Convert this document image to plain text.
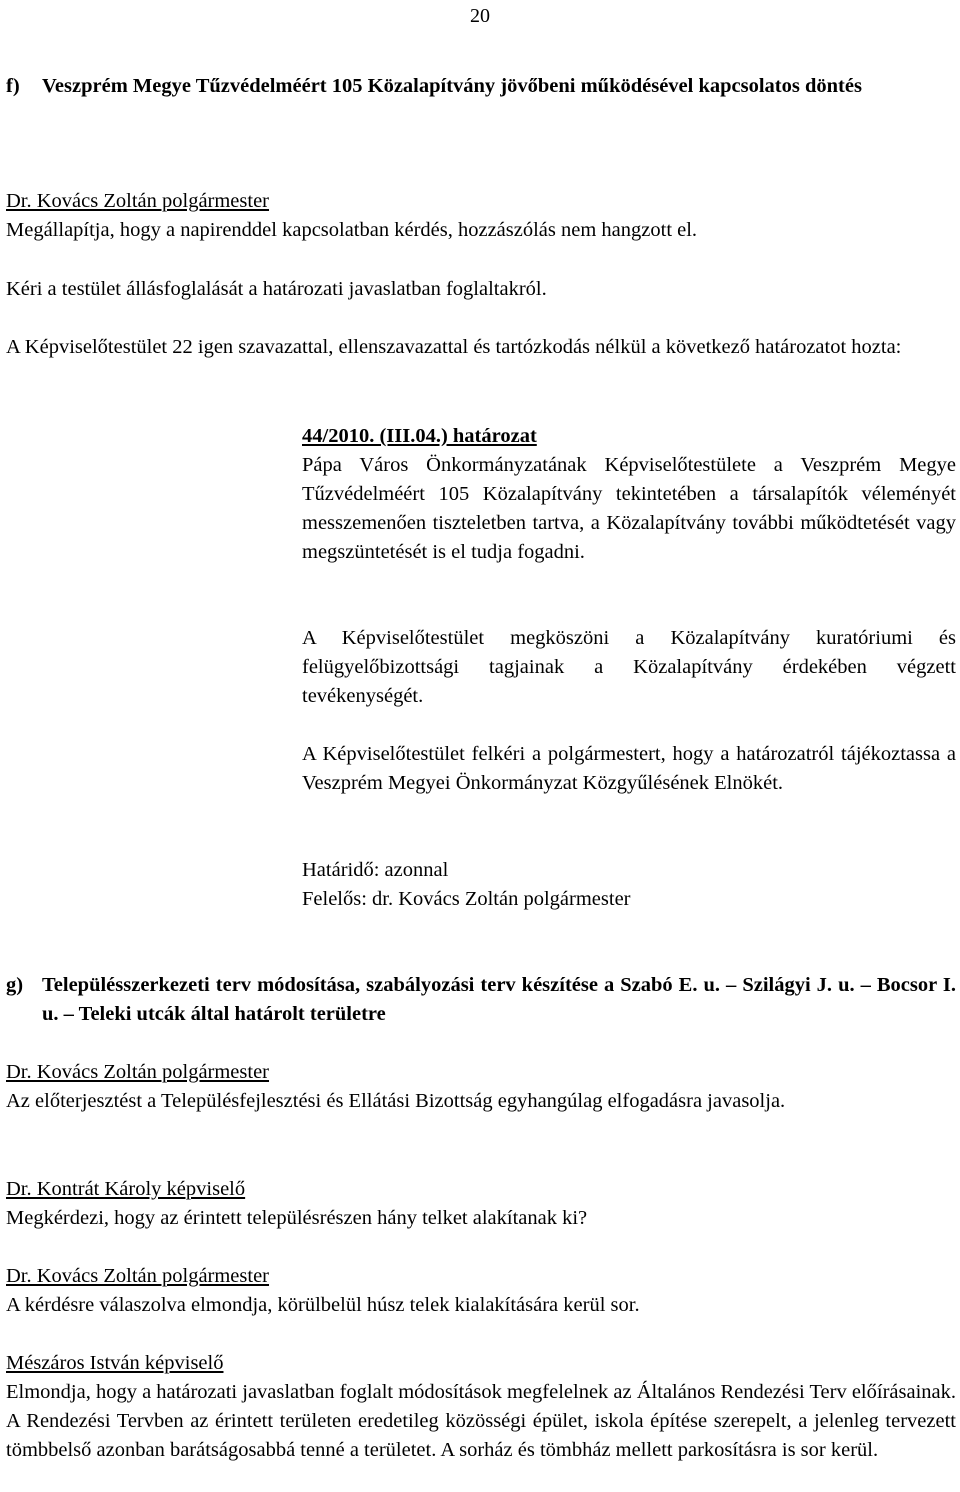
20
f)	Veszprém Megye Tűzvédelméért 105 Közalapítvány jövőbeni működésével kapcsolatos döntés

Dr. Kovács Zoltán polgármester

Megállapítja, hogy a napirenddel kapcsolatban kérdés, hozzászólás nem hangzott el.

Kéri a testület állásfoglalását a határozati javaslatban foglaltakról.

A Képviselőtestület 22 igen szavazattal, ellenszavazattal és tartózkodás nélkül a következő határozatot hozta:

44/2010. (III.04.) határozat

Pápa Város Önkormányzatának Képviselőtestülete a Veszprém Megye Tűzvédelméért 105 Közalapítvány tekintetében a társalapítók véleményét messzemenően tiszteletben tartva, a Közalapítvány további működtetését vagy megszüntetését is el tudja fogadni.

A Képviselőtestület megköszöni a Közalapítvány kuratóriumi és felügyelőbizottsági tagjainak a Közalapítvány érdekében végzett tevékenységét.

A Képviselőtestület felkéri a polgármestert, hogy a határozatról tájékoztassa a Veszprém Megyei Önkormányzat Közgyűlésének Elnökét.

Határidő: azonnal

Felelős: dr. Kovács Zoltán polgármester

g) Településszerkezeti terv módosítása, szabályozási terv készítése a Szabó E. u. – Szilágyi J. u. – Bocsor I. u. – Teleki utcák által határolt területre

Dr. Kovács Zoltán polgármester

Az előterjesztést a Településfejlesztési és Ellátási Bizottság egyhangúlag elfogadásra javasolja.

Dr. Kontrát Károly képviselő

Megkérdezi, hogy az érintett településrészen hány telket alakítanak ki?

Dr. Kovács Zoltán polgármester

A kérdésre válaszolva elmondja, körülbelül húsz telek kialakítására kerül sor.

Mészáros István képviselő

Elmondja, hogy a határozati javaslatban foglalt módosítások megfelelnek az Általános Rendezési Terv előírásainak. A Rendezési Tervben az érintett területen eredetileg közösségi épület, iskola építése szerepelt, a jelenleg tervezett tömbbelső azonban barátságosabbá tenné a területet. A sorház és tömbház mellett parkosításra is sor kerül.
